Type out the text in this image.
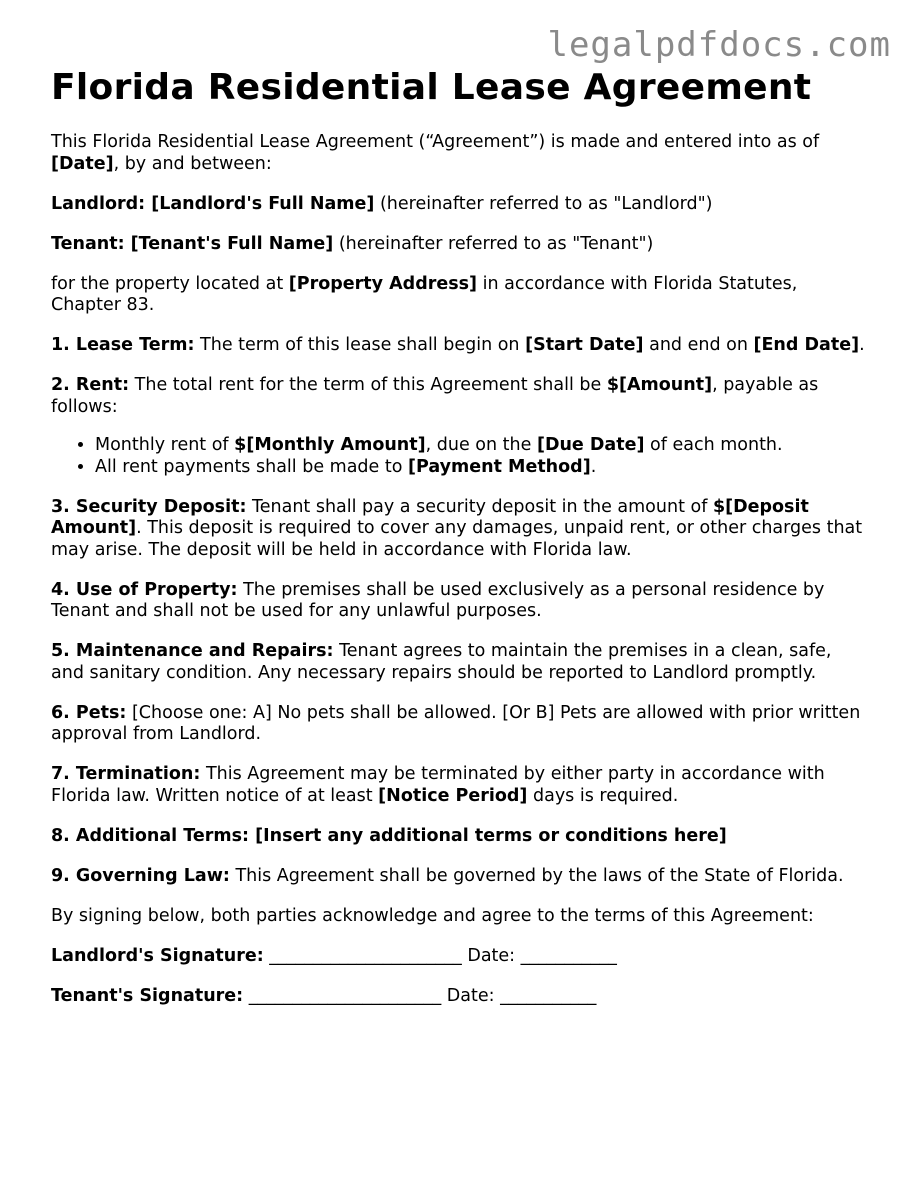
legalpdfdocs.com
Florida Residential Lease Agreement

This Florida Residential Lease Agreement (“Agreement”) is made and entered into as of [Date], by and between:

Landlord: [Landlord's Full Name] (hereinafter referred to as "Landlord")

Tenant: [Tenant's Full Name] (hereinafter referred to as "Tenant")

for the property located at [Property Address] in accordance with Florida Statutes, Chapter 83.

1. Lease Term: The term of this lease shall begin on [Start Date] and end on [End Date].

2. Rent: The total rent for the term of this Agreement shall be $[Amount], payable as follows:

• Monthly rent of $[Monthly Amount], due on the [Due Date] of each month.
• All rent payments shall be made to [Payment Method].

3. Security Deposit: Tenant shall pay a security deposit in the amount of $[Deposit Amount]. This deposit is required to cover any damages, unpaid rent, or other charges that may arise. The deposit will be held in accordance with Florida law.

4. Use of Property: The premises shall be used exclusively as a personal residence by Tenant and shall not be used for any unlawful purposes.

5. Maintenance and Repairs: Tenant agrees to maintain the premises in a clean, safe, and sanitary condition. Any necessary repairs should be reported to Landlord promptly.

6. Pets: [Choose one: A] No pets shall be allowed. [Or B] Pets are allowed with prior written approval from Landlord.

7. Termination: This Agreement may be terminated by either party in accordance with Florida law. Written notice of at least [Notice Period] days is required.

8. Additional Terms: [Insert any additional terms or conditions here]

9. Governing Law: This Agreement shall be governed by the laws of the State of Florida.

By signing below, both parties acknowledge and agree to the terms of this Agreement:

Landlord's Signature: ______________________ Date: ___________

Tenant's Signature: ______________________ Date: ___________
